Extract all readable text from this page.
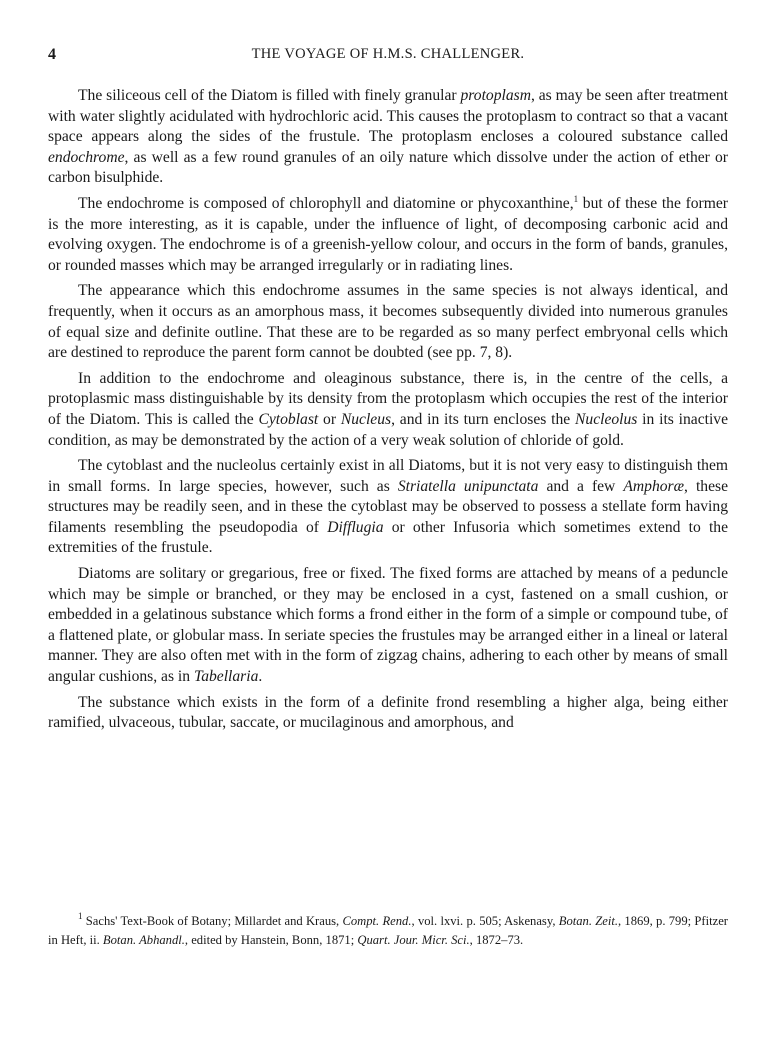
4	THE VOYAGE OF H.M.S. CHALLENGER.

The siliceous cell of the Diatom is filled with finely granular protoplasm, as may be seen after treatment with water slightly acidulated with hydrochloric acid. This causes the protoplasm to contract so that a vacant space appears along the sides of the frustule. The protoplasm encloses a coloured substance called endochrome, as well as a few round granules of an oily nature which dissolve under the action of ether or carbon bisulphide.

The endochrome is composed of chlorophyll and diatomine or phycoxanthine,$^1$ but of these the former is the more interesting, as it is capable, under the influence of light, of decomposing carbonic acid and evolving oxygen. The endochrome is of a greenish-yellow colour, and occurs in the form of bands, granules, or rounded masses which may be arranged irregularly or in radiating lines.

The appearance which this endochrome assumes in the same species is not always identical, and frequently, when it occurs as an amorphous mass, it becomes subsequently divided into numerous granules of equal size and definite outline. That these are to be regarded as so many perfect embryonal cells which are destined to reproduce the parent form cannot be doubted (see pp. 7, 8).

In addition to the endochrome and oleaginous substance, there is, in the centre of the cells, a protoplasmic mass distinguishable by its density from the protoplasm which occupies the rest of the interior of the Diatom. This is called the Cytoblast or Nucleus, and in its turn encloses the Nucleolus in its inactive condition, as may be demonstrated by the action of a very weak solution of chloride of gold.

The cytoblast and the nucleolus certainly exist in all Diatoms, but it is not very easy to distinguish them in small forms. In large species, however, such as Striatella unipunctata and a few Amphoræ, these structures may be readily seen, and in these the cytoblast may be observed to possess a stellate form having filaments resembling the pseudopodia of Difflugia or other Infusoria which sometimes extend to the extremities of the frustule.

Diatoms are solitary or gregarious, free or fixed. The fixed forms are attached by means of a peduncle which may be simple or branched, or they may be enclosed in a cyst, fastened on a small cushion, or embedded in a gelatinous substance which forms a frond either in the form of a simple or compound tube, of a flattened plate, or globular mass. In seriate species the frustules may be arranged either in a lineal or lateral manner. They are also often met with in the form of zigzag chains, adhering to each other by means of small angular cushions, as in Tabellaria.

The substance which exists in the form of a definite frond resembling a higher alga, being either ramified, ulvaceous, tubular, saccate, or mucilaginous and amorphous, and

$^1$ Sachs' Text-Book of Botany; Millardet and Kraus, Compt. Rend., vol. lxvi. p. 505; Askenasy, Botan. Zeit., 1869, p. 799; Pfitzer in Heft, ii. Botan. Abhandl., edited by Hanstein, Bonn, 1871; Quart. Jour. Micr. Sci., 1872–73.
